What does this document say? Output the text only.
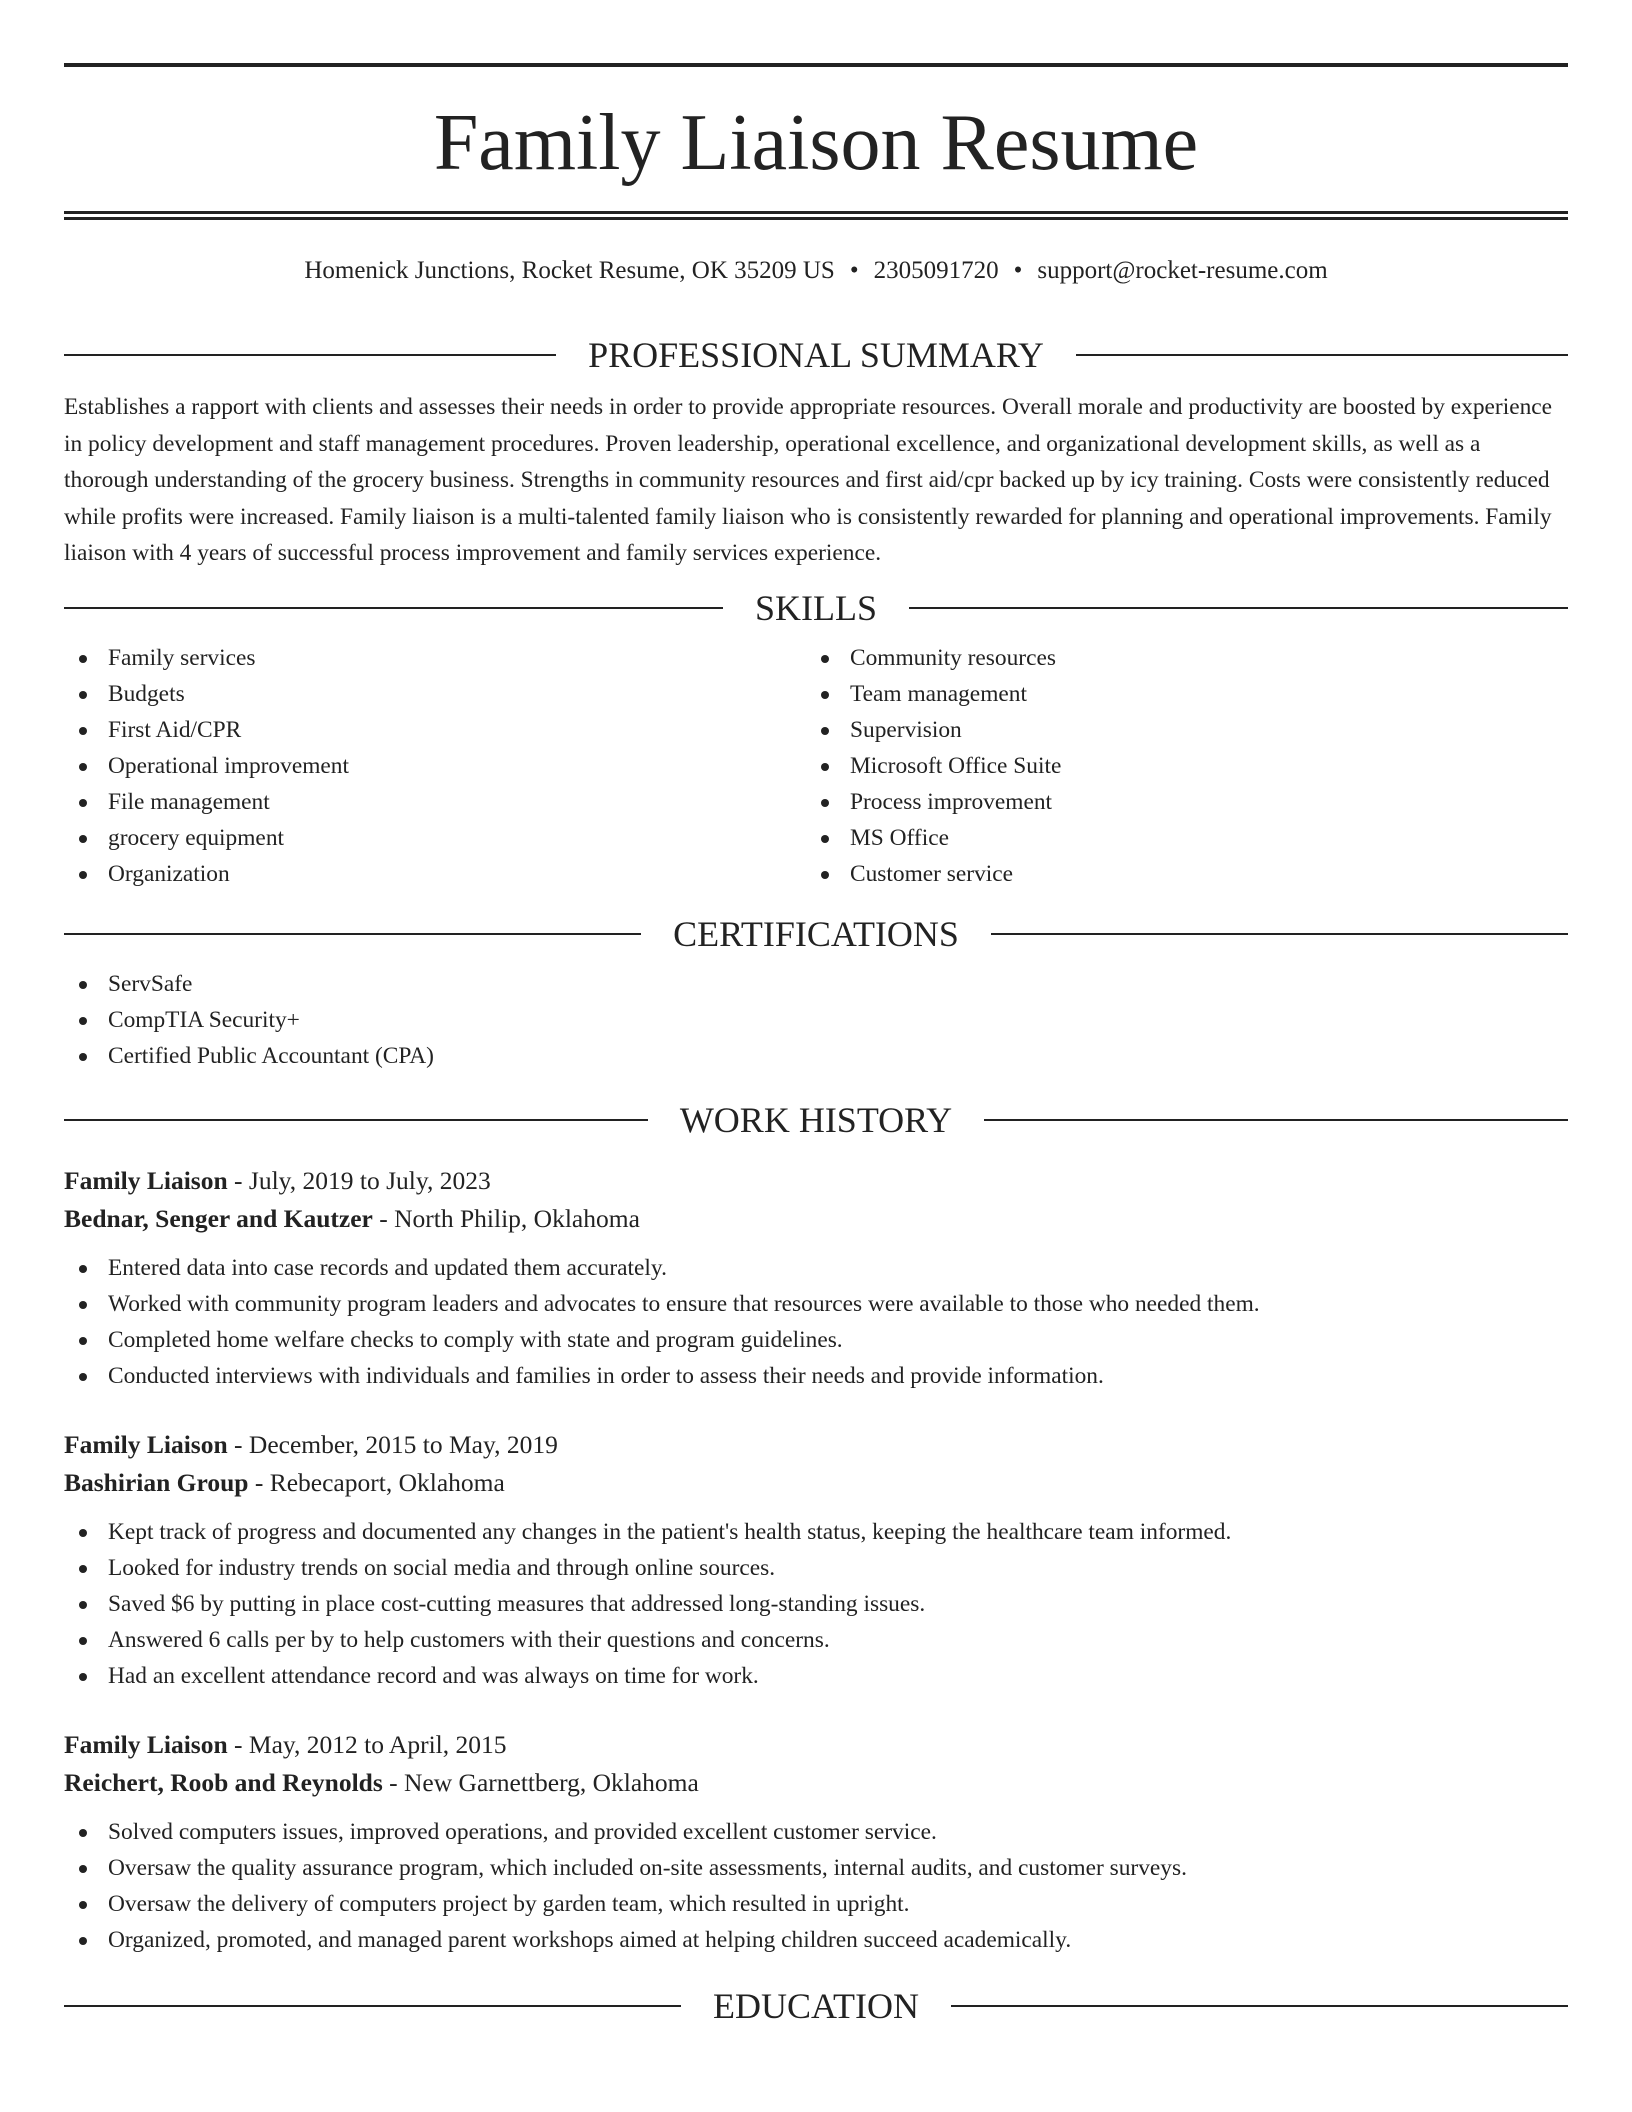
Family Liaison Resume
Homenick Junctions, Rocket Resume, OK 35209 US • 2305091720 • support@rocket-resume.com
PROFESSIONAL SUMMARY

Establishes a rapport with clients and assesses their needs in order to provide appropriate resources. Overall morale and productivity are boosted by experience in policy development and staff management procedures. Proven leadership, operational excellence, and organizational development skills, as well as a thorough understanding of the grocery business. Strengths in community resources and first aid/cpr backed up by icy training. Costs were consistently reduced while profits were increased. Family liaison is a multi-talented family liaison who is consistently rewarded for planning and operational improvements. Family liaison with 4 years of successful process improvement and family services experience.

SKILLS
Family services
Budgets
First Aid/CPR
Operational improvement
File management
grocery equipment
Organization
Community resources
Team management
Supervision
Microsoft Office Suite
Process improvement
MS Office
Customer service
CERTIFICATIONS
ServSafe
CompTIA Security+
Certified Public Accountant (CPA)
WORK HISTORY
Family Liaison - July, 2019 to July, 2023
Bednar, Senger and Kautzer - North Philip, Oklahoma
Entered data into case records and updated them accurately.
Worked with community program leaders and advocates to ensure that resources were available to those who needed them.
Completed home welfare checks to comply with state and program guidelines.
Conducted interviews with individuals and families in order to assess their needs and provide information.
Family Liaison - December, 2015 to May, 2019
Bashirian Group - Rebecaport, Oklahoma
Kept track of progress and documented any changes in the patient's health status, keeping the healthcare team informed.
Looked for industry trends on social media and through online sources.
Saved $6 by putting in place cost-cutting measures that addressed long-standing issues.
Answered 6 calls per by to help customers with their questions and concerns.
Had an excellent attendance record and was always on time for work.
Family Liaison - May, 2012 to April, 2015
Reichert, Roob and Reynolds - New Garnettberg, Oklahoma
Solved computers issues, improved operations, and provided excellent customer service.
Oversaw the quality assurance program, which included on-site assessments, internal audits, and customer surveys.
Oversaw the delivery of computers project by garden team, which resulted in upright.
Organized, promoted, and managed parent workshops aimed at helping children succeed academically.
EDUCATION
